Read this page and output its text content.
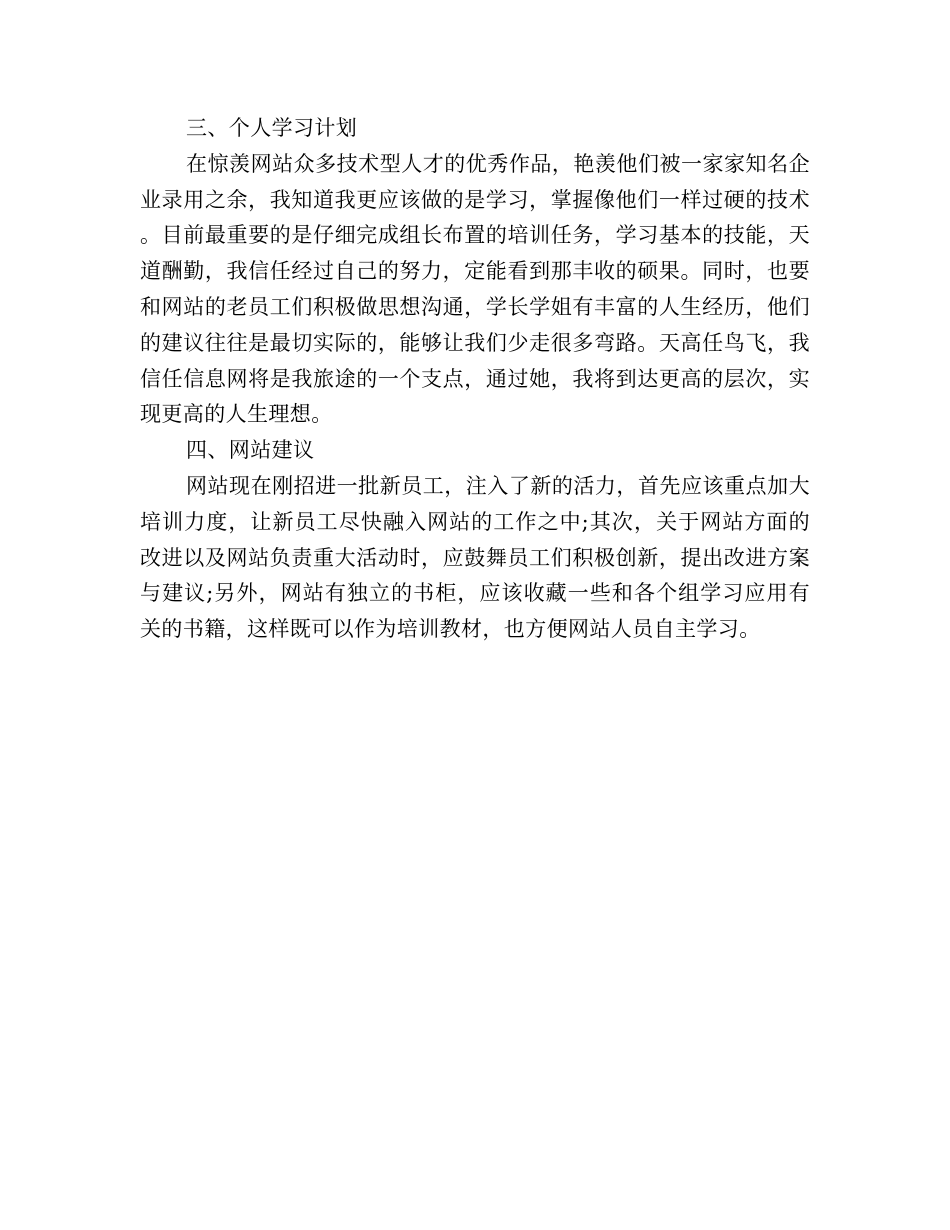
三、个人学习计划

在惊羡网站众多技术型人才的优秀作品，艳羡他们被一家家知名企业录用之余，我知道我更应该做的是学习，掌握像他们一样过硬的技术。目前最重要的是仔细完成组长布置的培训任务，学习基本的技能，天道酬勤，我信任经过自己的努力，定能看到那丰收的硕果。同时，也要和网站的老员工们积极做思想沟通，学长学姐有丰富的人生经历，他们的建议往往是最切实际的，能够让我们少走很多弯路。天高任鸟飞，我信任信息网将是我旅途的一个支点，通过她，我将到达更高的层次，实现更高的人生理想。

四、网站建议

网站现在刚招进一批新员工，注入了新的活力，首先应该重点加大培训力度，让新员工尽快融入网站的工作之中;其次，关于网站方面的改进以及网站负责重大活动时，应鼓舞员工们积极创新，提出改进方案与建议;另外，网站有独立的书柜，应该收藏一些和各个组学习应用有关的书籍，这样既可以作为培训教材，也方便网站人员自主学习。
